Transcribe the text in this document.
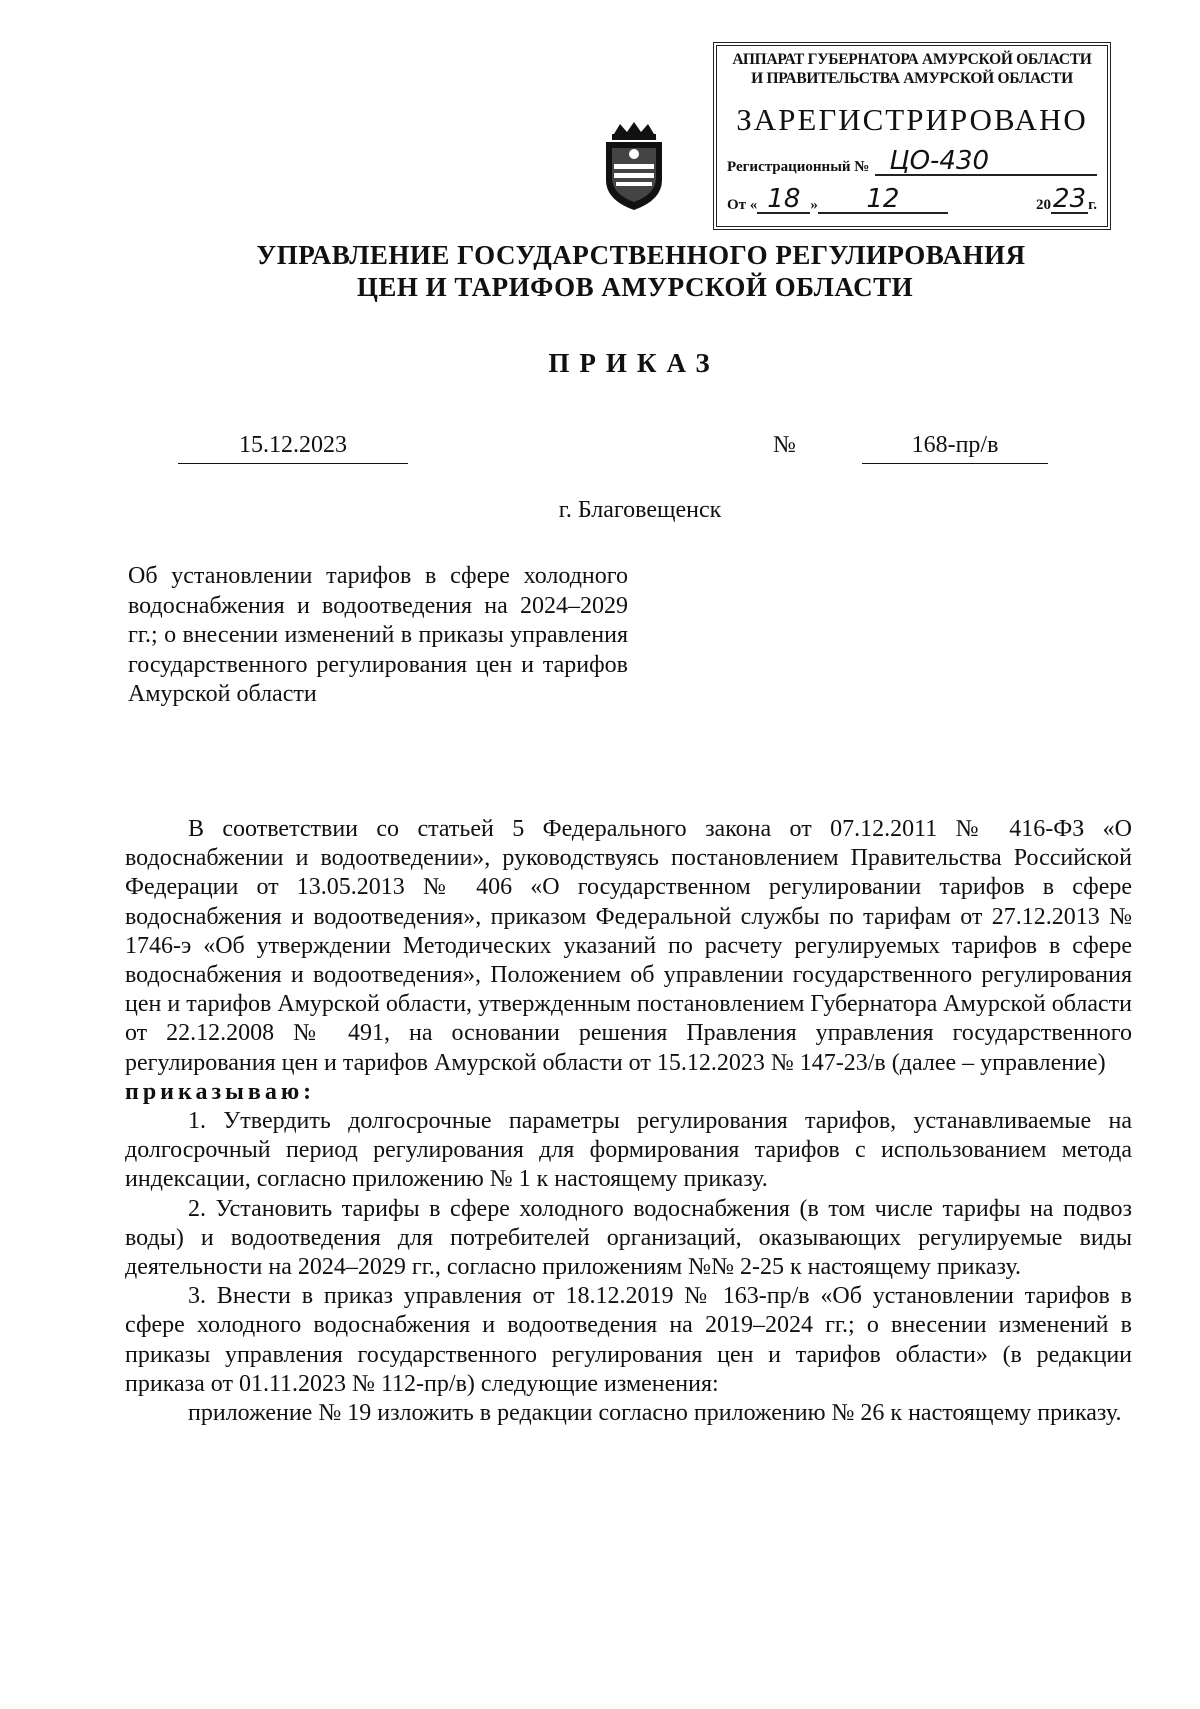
АППАРАТ ГУБЕРНАТОРА АМУРСКОЙ ОБЛАСТИ
И ПРАВИТЕЛЬСТВА АМУРСКОЙ ОБЛАСТИ
ЗАРЕГИСТРИРОВАНО
Регистрационный № ЦО-430
От « 18 »	12	20 23 г.
УПРАВЛЕНИЕ ГОСУДАРСТВЕННОГО РЕГУЛИРОВАНИЯ
ЦЕН И ТАРИФОВ АМУРСКОЙ ОБЛАСТИ
ПРИКАЗ
15.12.2023	№	168-пр/в
г. Благовещенск
Об установлении тарифов в сфере холодного водоснабжения и водоотведения на 2024–2029 гг.; о внесении изменений в приказы управления государственного регулирования цен и тарифов Амурской области

В соответствии со статьей 5 Федерального закона от 07.12.2011 № 416-ФЗ «О водоснабжении и водоотведении», руководствуясь постановлением Правительства Российской Федерации от 13.05.2013 № 406 «О государственном регулировании тарифов в сфере водоснабжения и водоотведения», приказом Федеральной службы по тарифам от 27.12.2013 № 1746-э «Об утверждении Методических указаний по расчету регулируемых тарифов в сфере водоснабжения и водоотведения», Положением об управлении государственного регулирования цен и тарифов Амурской области, утвержденным постановлением Губернатора Амурской области от 22.12.2008 № 491, на основании решения Правления управления государственного регулирования цен и тарифов Амурской области от 15.12.2023 № 147-23/в (далее – управление)

приказываю:

1. Утвердить долгосрочные параметры регулирования тарифов, устанавливаемые на долгосрочный период регулирования для формирования тарифов с использованием метода индексации, согласно приложению № 1 к настоящему приказу.

2. Установить тарифы в сфере холодного водоснабжения (в том числе тарифы на подвоз воды) и водоотведения для потребителей организаций, оказывающих регулируемые виды деятельности на 2024–2029 гг., согласно приложениям №№ 2-25 к настоящему приказу.

3. Внести в приказ управления от 18.12.2019 № 163-пр/в «Об установлении тарифов в сфере холодного водоснабжения и водоотведения на 2019–2024 гг.; о внесении изменений в приказы управления государственного регулирования цен и тарифов области» (в редакции приказа от 01.11.2023 № 112-пр/в) следующие изменения:

приложение № 19 изложить в редакции согласно приложению № 26 к настоящему приказу.
